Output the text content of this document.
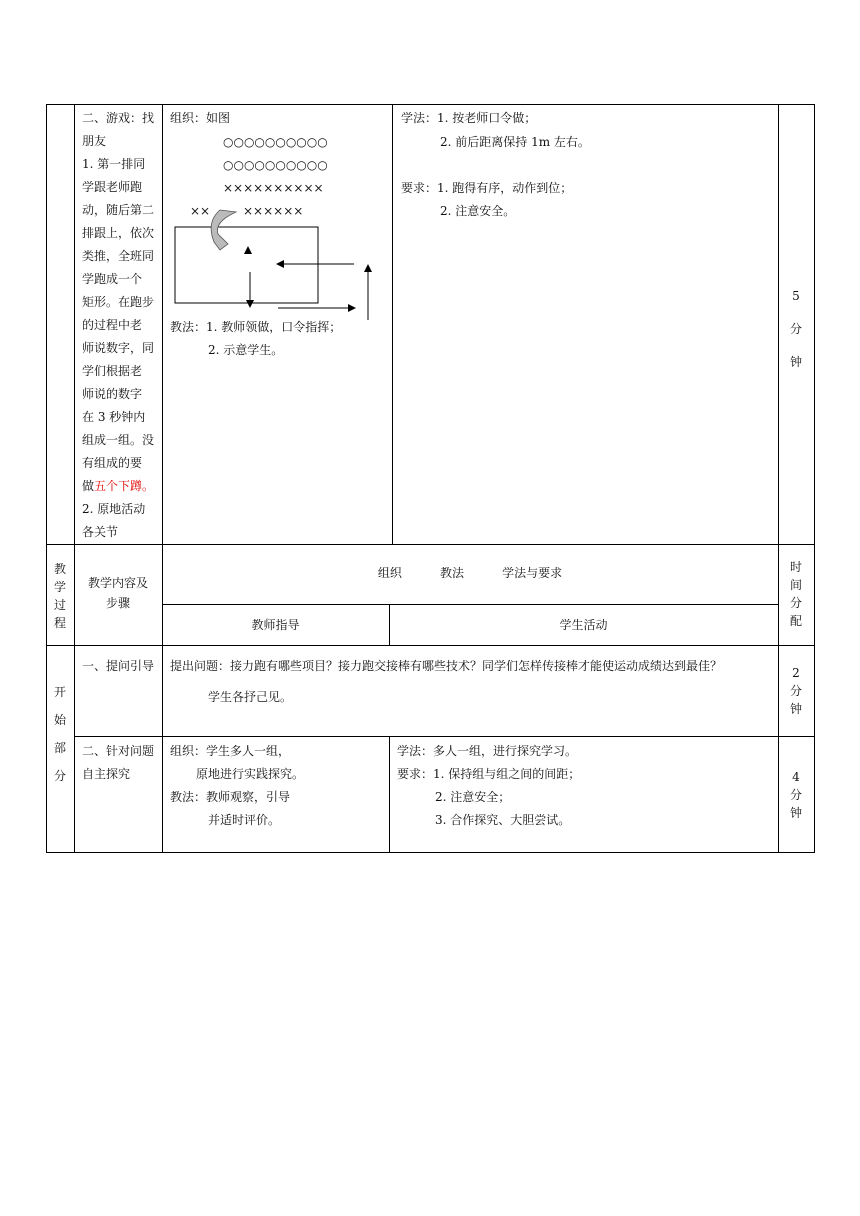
二、游戏：找
朋友
1. 第一排同
学跟老师跑
动，随后第二
排跟上，依次
类推，全班同
学跑成一个
矩形。在跑步
的过程中老
师说数字，同
学们根据老
师说的数字
在 3 秒钟内
组成一组。没
有组成的要
做五个下蹲。
2. 原地活动
各关节
组织：如图
○○○○○○○○○○
○○○○○○○○○○
××××××××××
××	××××××
教法：1. 教师领做，口令指挥；
2. 示意学生。
学法：1. 按老师口令做；
2. 前后距离保持 1m 左右。
要求：1. 跑得有序，动作到位；
2. 注意安全。
5
分
钟
教
学
过
程
教学内容及
步骤
组织          教法          学法与要求
教师指导	学生活动
时
间
分
配
开
始
部
分
一、提问引导 提出问题：接力跑有哪些项目？接力跑交接棒有哪些技术？同学们怎样传接棒才能使运动成绩达到最佳？
学生各抒己见。
2
分
钟
二、针对问题
自主探究
组织：学生多人一组，
原地进行实践探究。
教法：教师观察，引导
并适时评价。
学法：多人一组，进行探究学习。
要求：1. 保持组与组之间的间距；
2. 注意安全；
3. 合作探究、大胆尝试。
4
分
钟
